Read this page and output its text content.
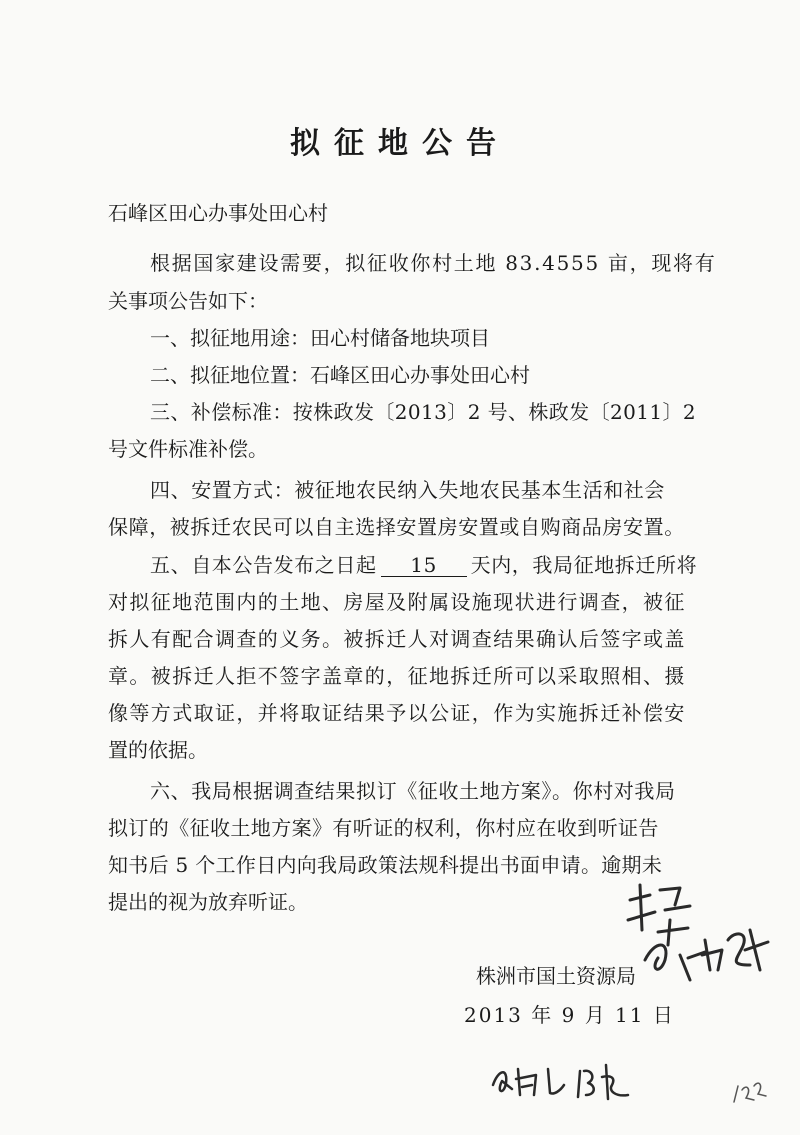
拟征地公告
石峰区田心办事处田心村
根据国家建设需要，拟征收你村土地 83.4555 亩，现将有
关事项公告如下：
一、拟征地用途：田心村储备地块项目
二、拟征地位置：石峰区田心办事处田心村
三、补偿标准：按株政发〔2013〕2 号、株政发〔2011〕2
号文件标准补偿。
四、安置方式：被征地农民纳入失地农民基本生活和社会
保障，被拆迁农民可以自主选择安置房安置或自购商品房安置。
五、自本公告发布之日起 15 天内，我局征地拆迁所将
对拟征地范围内的土地、房屋及附属设施现状进行调查，被征
拆人有配合调查的义务。被拆迁人对调查结果确认后签字或盖
章。被拆迁人拒不签字盖章的，征地拆迁所可以采取照相、摄
像等方式取证，并将取证结果予以公证，作为实施拆迁补偿安
置的依据。
六、我局根据调查结果拟订《征收土地方案》。你村对我局
拟订的《征收土地方案》有听证的权利，你村应在收到听证告
知书后 5 个工作日内向我局政策法规科提出书面申请。逾期未
提出的视为放弃听证。
株洲市国土资源局
2013 年 9 月 11 日
